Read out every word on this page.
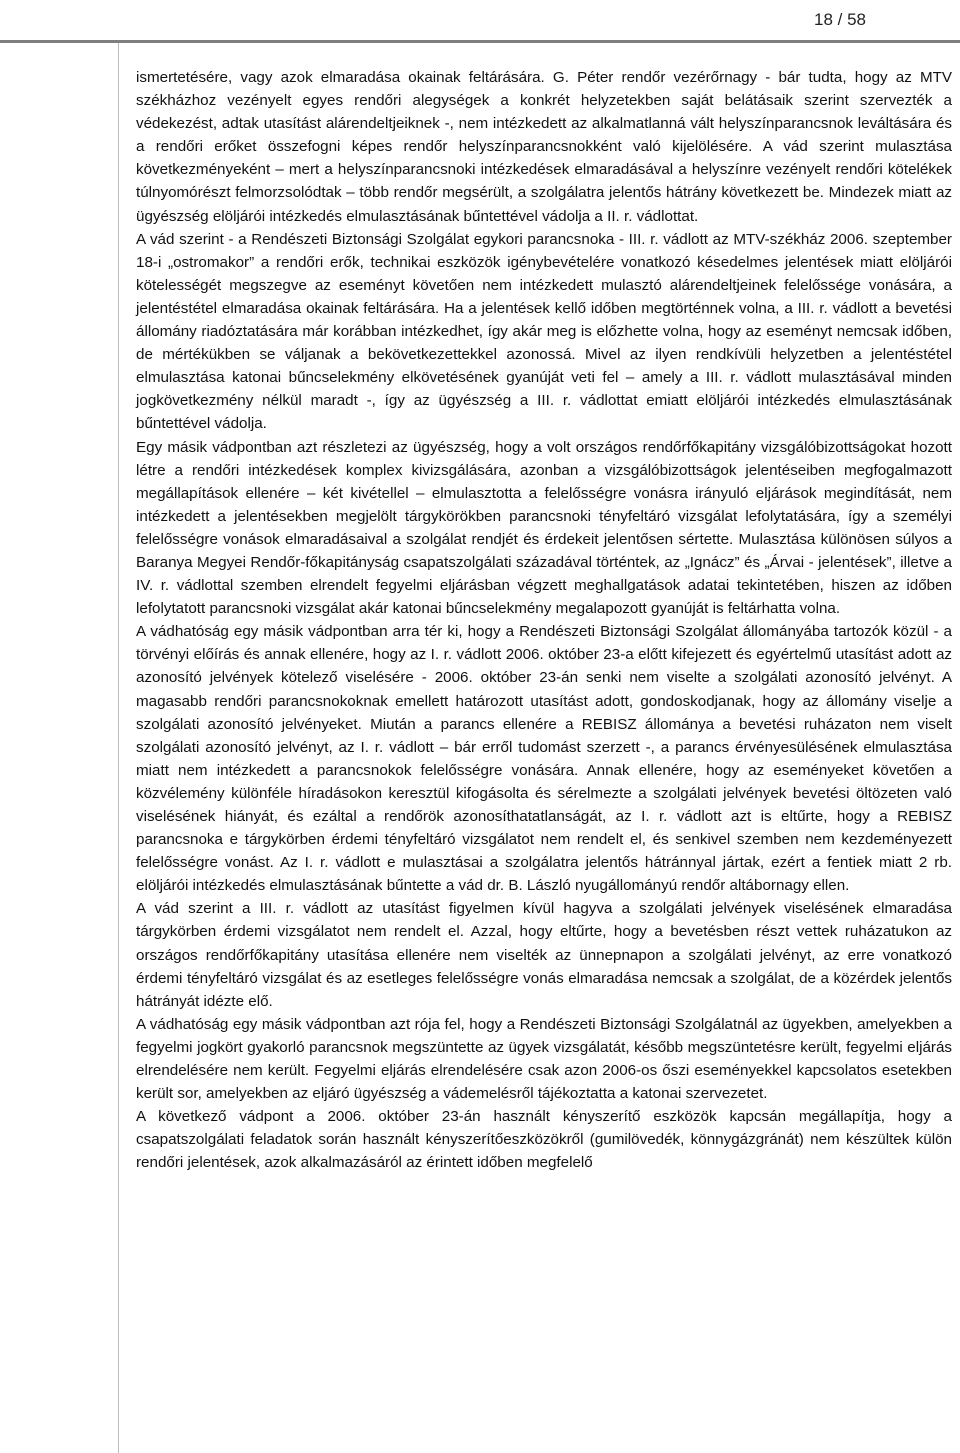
18 / 58

ismertetésére, vagy azok elmaradása okainak feltárására. G. Péter rendőr vezérőrnagy - bár tudta, hogy az MTV székházhoz vezényelt egyes rendőri alegységek a konkrét helyzetekben saját belátásaik szerint szervezték a védekezést, adtak utasítást alárendeltjeiknek -, nem intézkedett az alkalmatlanná vált helyszínparancsnok leváltására és a rendőri erőket összefogni képes rendőr helyszínparancsnokként való kijelölésére. A vád szerint mulasztása következményeként – mert a helyszínparancsnoki intézkedések elmaradásával a helyszínre vezényelt rendőri kötelékek túlnyomórészt felmorzsolódtak – több rendőr megsérült, a szolgálatra jelentős hátrány következett be. Mindezek miatt az ügyészség elöljárói intézkedés elmulasztásának bűntettével vádolja a II. r. vádlottat.

A vád szerint - a Rendészeti Biztonsági Szolgálat egykori parancsnoka - III. r. vádlott az MTV-székház 2006. szeptember 18-i „ostromakor” a rendőri erők, technikai eszközök igénybevételére vonatkozó késedelmes jelentések miatt elöljárói kötelességét megszegve az eseményt követően nem intézkedett mulasztó alárendeltjeinek felelőssége vonására, a jelentéstétel elmaradása okainak feltárására. Ha a jelentések kellő időben megtörténnek volna, a III. r. vádlott a bevetési állomány riadóztatására már korábban intézkedhet, így akár meg is előzhette volna, hogy az eseményt nemcsak időben, de mértékükben se váljanak a bekövetkezettekkel azonossá. Mivel az ilyen rendkívüli helyzetben a jelentéstétel elmulasztása katonai bűncselekmény elkövetésének gyanúját veti fel – amely a III. r. vádlott mulasztásával minden jogkövetkezmény nélkül maradt -, így az ügyészség a III. r. vádlottat emiatt elöljárói intézkedés elmulasztásának bűntettével vádolja.

Egy másik vádpontban azt részletezi az ügyészség, hogy a volt országos rendőrfőkapitány vizsgálóbizottságokat hozott létre a rendőri intézkedések komplex kivizsgálására, azonban a vizsgálóbizottságok jelentéseiben megfogalmazott megállapítások ellenére – két kivétellel – elmulasztotta a felelősségre vonásra irányuló eljárások megindítását, nem intézkedett a jelentésekben megjelölt tárgykörökben parancsnoki tényfeltáró vizsgálat lefolytatására, így a személyi felelősségre vonások elmaradásaival a szolgálat rendjét és érdekeit jelentősen sértette. Mulasztása különösen súlyos a Baranya Megyei Rendőr-főkapitányság csapatszolgálati századával történtek, az „Ignácz” és „Árvai - jelentések”, illetve a IV. r. vádlottal szemben elrendelt fegyelmi eljárásban végzett meghallgatások adatai tekintetében, hiszen az időben lefolytatott parancsnoki vizsgálat akár katonai bűncselekmény megalapozott gyanúját is feltárhatta volna.

A vádhatóság egy másik vádpontban arra tér ki, hogy a Rendészeti Biztonsági Szolgálat állományába tartozók közül - a törvényi előírás és annak ellenére, hogy az I. r. vádlott 2006. október 23-a előtt kifejezett és egyértelmű utasítást adott az azonosító jelvények kötelező viselésére - 2006. október 23-án senki nem viselte a szolgálati azonosító jelvényt. A magasabb rendőri parancsnokoknak emellett határozott utasítást adott, gondoskodjanak, hogy az állomány viselje a szolgálati azonosító jelvényeket. Miután a parancs ellenére a REBISZ állománya a bevetési ruházaton nem viselt szolgálati azonosító jelvényt, az I. r. vádlott – bár erről tudomást szerzett -, a parancs érvényesülésének elmulasztása miatt nem intézkedett a parancsnokok felelősségre vonására. Annak ellenére, hogy az eseményeket követően a közvélemény különféle híradásokon keresztül kifogásolta és sérelmezte a szolgálati jelvények bevetési öltözeten való viselésének hiányát, és ezáltal a rendőrök azonosíthatatlanságát, az I. r. vádlott azt is eltűrte, hogy a REBISZ parancsnoka e tárgykörben érdemi tényfeltáró vizsgálatot nem rendelt el, és senkivel szemben nem kezdeményezett felelősségre vonást. Az I. r. vádlott e mulasztásai a szolgálatra jelentős hátránnyal jártak, ezért a fentiek miatt 2 rb. elöljárói intézkedés elmulasztásának bűntette a vád dr. B. László nyugállományú rendőr altábornagy ellen.

A vád szerint a III. r. vádlott az utasítást figyelmen kívül hagyva a szolgálati jelvények viselésének elmaradása tárgykörben érdemi vizsgálatot nem rendelt el. Azzal, hogy eltűrte, hogy a bevetésben részt vettek ruházatukon az országos rendőrfőkapitány utasítása ellenére nem viselték az ünnepnapon a szolgálati jelvényt, az erre vonatkozó érdemi tényfeltáró vizsgálat és az esetleges felelősségre vonás elmaradása nemcsak a szolgálat, de a közérdek jelentős hátrányát idézte elő.

A vádhatóság egy másik vádpontban azt rója fel, hogy a Rendészeti Biztonsági Szolgálatnál az ügyekben, amelyekben a fegyelmi jogkört gyakorló parancsnok megszüntette az ügyek vizsgálatát, később megszüntetésre került, fegyelmi eljárás elrendelésére nem került. Fegyelmi eljárás elrendelésére csak azon 2006-os őszi eseményekkel kapcsolatos esetekben került sor, amelyekben az eljáró ügyészség a vádemelésről tájékoztatta a katonai szervezetet.

A következő vádpont a 2006. október 23-án használt kényszerítő eszközök kapcsán megállapítja, hogy a csapatszolgálati feladatok során használt kényszerítőeszközökről (gumilövedék, könnygázgránát) nem készültek külön rendőri jelentések, azok alkalmazásáról az érintett időben megfelelő
